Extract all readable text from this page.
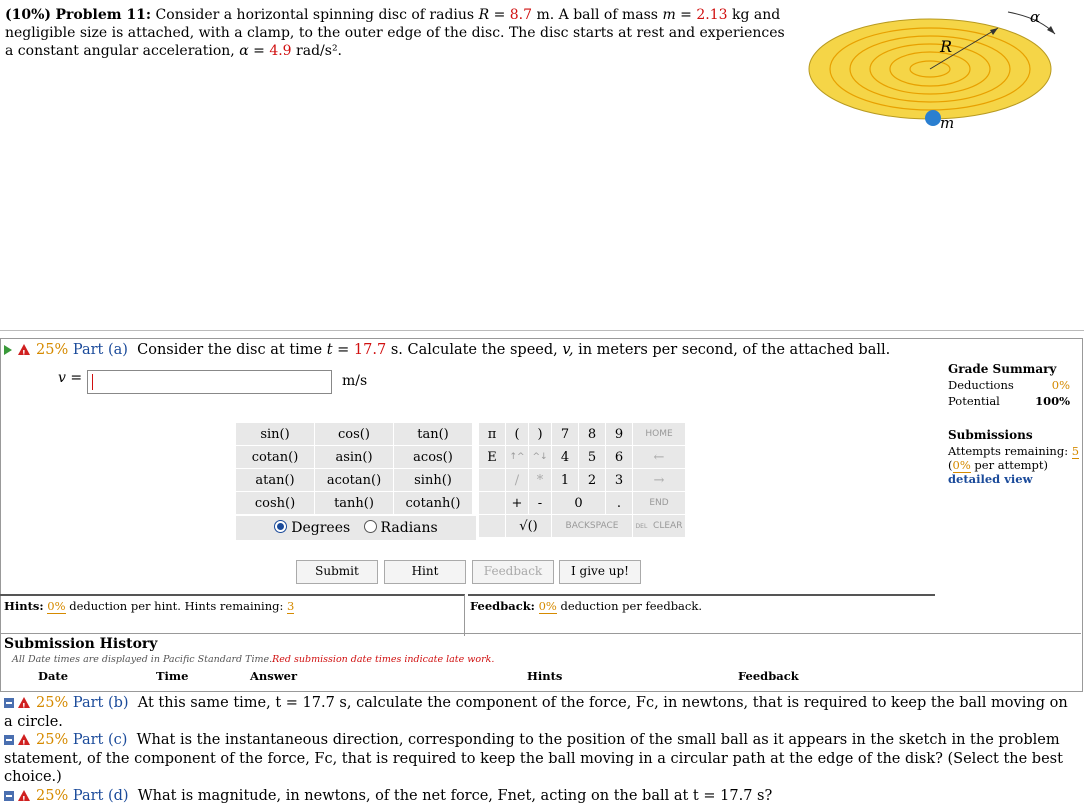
(10%) Problem 11: Consider a horizontal spinning disc of radius R = 8.7 m. A ball of mass m = 2.13 kg and negligible size is attached, with a clamp, to the outer edge of the disc. The disc starts at rest and experiences a constant angular acceleration, α = 4.9 rad/s².	R
α
m
!25% Part (a) Consider the disc at time t = 17.7 s. Calculate the speed, v, in meters per second, of the attached ball.
v =	m/s
sin()	cos()	tan()
cotan()	asin()	acos()
atan()	acotan()	sinh()
cosh()	tanh()	cotanh()
Degrees Radians
π	(	)	7	8	9	HOME
E	↑^	^↓	4	5	6	←
	/	*	1	2	3	→
	+	-	0		.	END
	√()		BACKSPACE			DEL CLEAR
Submit	Hint	Feedback	I give up!
Grade Summary
Deductions	0%
Potential	100%
Submissions
Attempts remaining: 5
(0% per attempt)
detailed view
Hints: 0% deduction per hint. Hints remaining: 3	Feedback: 0% deduction per feedback.
Submission History
All Date times are displayed in Pacific Standard Time.Red submission date times indicate late work.
Date	Time	Answer	Hints	Feedback

!25% Part (b) At this same time, t = 17.7 s, calculate the component of the force, Fc, in newtons, that is required to keep the ball moving on a circle.

!25% Part (c) What is the instantaneous direction, corresponding to the position of the small ball as it appears in the sketch in the problem statement, of the component of the force, Fc, that is required to keep the ball moving in a circular path at the edge of the disk? (Select the best choice.)

!25% Part (d) What is magnitude, in newtons, of the net force, Fnet, acting on the ball at t = 17.7 s?
